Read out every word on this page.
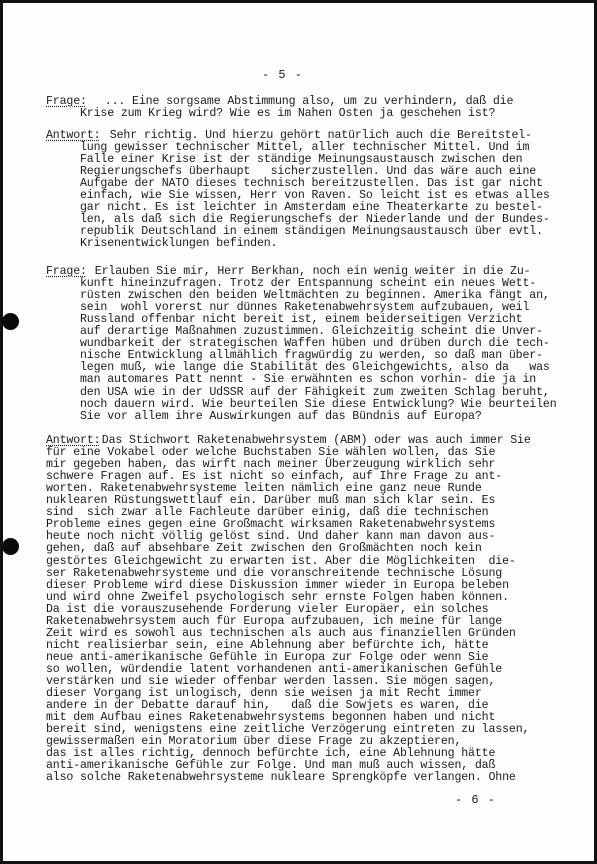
- 5 -
Frage: ... Eine sorgsame Abstimmung also, um zu verhindern, daß die
Krise zum Krieg wird? Wie es im Nahen Osten ja geschehen ist?
Antwort: Sehr richtig. Und hierzu gehört natürlich auch die Bereitstel-
lung gewisser technischer Mittel, aller technischer Mittel. Und im
Falle einer Krise ist der ständige Meinungsaustausch zwischen den
Regierungschefs überhaupt   sicherzustellen. Und das wäre auch eine
Aufgabe der NATO dieses technisch bereitzustellen. Das ist gar nicht
einfach, wie Sie wissen, Herr von Raven. So leicht ist es etwas alles
gar nicht. Es ist leichter in Amsterdam eine Theaterkarte zu bestel-
len, als daß sich die Regierungschefs der Niederlande und der Bundes-
republik Deutschland in einem ständigen Meinungsaustausch über evtl.
Krisenentwicklungen befinden.
Frage: Erlauben Sie mir, Herr Berkhan, noch ein wenig weiter in die Zu-
kunft hineinzufragen. Trotz der Entspannung scheint ein neues Wett-
rüsten zwischen den beiden Weltmächten zu beginnen. Amerika fängt an,
sein  wohl vorerst nur dünnes Raketenabwehrsystem aufzubauen, weil
Russland offenbar nicht bereit ist, einem beiderseitigen Verzicht
auf derartige Maßnahmen zuzustimmen. Gleichzeitig scheint die Unver-
wundbarkeit der strategischen Waffen hüben und drüben durch die tech-
nische Entwicklung allmählich fragwürdig zu werden, so daß man über-
legen muß, wie lange die Stabilität des Gleichgewichts, also da   was
man automares Patt nennt - Sie erwähnten es schon vorhin- die ja in
den USA wie in der UdSSR auf der Fähigkeit zum zweiten Schlag beruht,
noch dauern wird. Wie beurteilen Sie diese Entwicklung? Wie beurteilen
Sie vor allem ihre Auswirkungen auf das Bündnis auf Europa?
Antwort:
Das Stichwort Raketenabwehrsystem (ABM) oder was auch immer Sie
für eine Vokabel oder welche Buchstaben Sie wählen wollen, das Sie
mir gegeben haben, das wirft nach meiner Überzeugung wirklich sehr
schwere Fragen auf. Es ist nicht so einfach, auf Ihre Frage zu ant-
worten. Raketenabwehrsysteme leiten nämlich eine ganz neue Runde
nuklearen Rüstungswettlauf ein. Darüber muß man sich klar sein. Es
sind  sich zwar alle Fachleute darüber einig, daß die technischen
Probleme eines gegen eine Großmacht wirksamen Raketenabwehrsystems
heute noch nicht völlig gelöst sind. Und daher kann man davon aus-
gehen, daß auf absehbare Zeit zwischen den Großmächten noch kein
gestörtes Gleichgewicht zu erwarten ist. Aber die Möglichkeiten  die-
ser Raketenabwehrsysteme und die voranschreitende technische Lösung
dieser Probleme wird diese Diskussion immer wieder in Europa beleben
und wird ohne Zweifel psychologisch sehr ernste Folgen haben können.
Da ist die vorauszusehende Forderung vieler Europäer, ein solches
Raketenabwehrsystem auch für Europa aufzubauen, ich meine für lange
Zeit wird es sowohl aus technischen als auch aus finanziellen Gründen
nicht realisierbar sein, eine Ablehnung aber befürchte ich, hätte
neue anti-amerikanische Gefühle in Europa zur Folge oder wenn Sie
so wollen, würdendie latent vorhandenen anti-amerikanischen Gefühle
verstärken und sie wieder offenbar werden lassen. Sie mögen sagen,
dieser Vorgang ist unlogisch, denn sie weisen ja mit Recht immer
andere in der Debatte darauf hin,   daß die Sowjets es waren, die
mit dem Aufbau eines Raketenabwehrsystems begonnen haben und nicht
bereit sind, wenigstens eine zeitliche Verzögerung eintreten zu lassen,
gewissermaßen ein Moratorium über diese Frage zu akzeptieren,
das ist alles richtig, dennoch befürchte ich, eine Ablehnung hätte
anti-amerikanische Gefühle zur Folge. Und man muß auch wissen, daß
also solche Raketenabwehrsysteme nukleare Sprengköpfe verlangen. Ohne
- 6 -
